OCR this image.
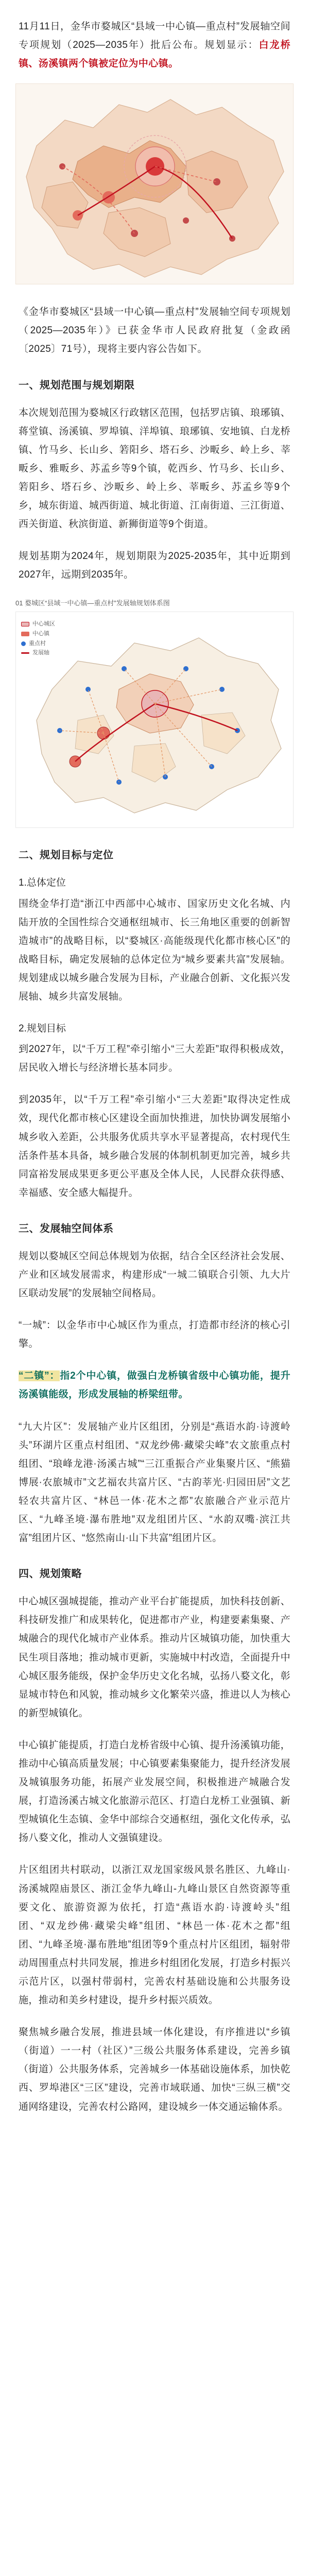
11月11日，金华市婺城区“县域一中心镇—重点村”发展轴空间专项规划（2025—2035年）批后公布。规划显示：白龙桥镇、汤溪镇两个镇被定位为中心镇。

《金华市婺城区“县域一中心镇—重点村”发展轴空间专项规划（2025—2035年）》已获金华市人民政府批复（金政函〔2025〕71号），现将主要内容公告如下。

一、规划范围与规划期限

本次规划范围为婺城区行政辖区范围，包括罗店镇、琅琊镇、蒋堂镇、汤溪镇、罗埠镇、洋埠镇、琅琊镇、安地镇、白龙桥镇、竹马乡、长山乡、箬阳乡、塔石乡、沙畈乡、岭上乡、莘畈乡、雅畈乡、苏孟乡等9个镇，乾西乡、竹马乡、长山乡、箬阳乡、塔石乡、沙畈乡、岭上乡、莘畈乡、苏孟乡等9个乡，城东街道、城西街道、城北街道、江南街道、三江街道、西关街道、秋滨街道、新狮街道等9个街道。

规划基期为2024年，规划期限为2025-2035年，其中近期到2027年，远期到2035年。

01 婺城区“县域一中心镇—重点村”发展轴规划体系图
中心城区
中心镇
重点村
发展轴
二、规划目标与定位
1.总体定位

围绕金华打造“浙江中西部中心城市、国家历史文化名城、内陆开放的全国性综合交通枢纽城市、长三角地区重要的创新智造城市”的战略目标，以“婺城区·高能级现代化都市核心区”的战略目标，确定发展轴的总体定位为“城乡要素共富”发展轴。规划建成以城乡融合发展为目标，产业融合创新、文化振兴发展轴、城乡共富发展轴。

2.规划目标

到2027年，以“千万工程”牵引缩小“三大差距”取得积极成效，居民收入增长与经济增长基本同步。

到2035年，以“千万工程”牵引缩小“三大差距”取得决定性成效，现代化都市核心区建设全面加快推进，加快协调发展缩小城乡收入差距，公共服务优质共享水平显著提高，农村现代生活条件基本具备，城乡融合发展的体制机制更加完善，城乡共同富裕发展成果更多更公平惠及全体人民，人民群众获得感、幸福感、安全感大幅提升。

三、发展轴空间体系

规划以婺城区空间总体规划为依据，结合全区经济社会发展、产业和区域发展需求，构建形成“一城二镇联合引领、九大片区联动发展”的发展轴空间格局。

“一城”：以金华市中心城区作为重点，打造都市经济的核心引擎。

“二镇”：指2个中心镇，做强白龙桥镇省级中心镇功能，提升汤溪镇能级，形成发展轴的桥梁纽带。

“九大片区”：发展轴产业片区组团，分别是“燕语水韵·诗渡岭头”环湖片区重点村组团、“双龙纱佛·藏梁尖峰”农文旅重点村组团、“琅峰龙港·汤溪古城”“三江重振合产业集聚片区、“熊猫博展·农旅城市”文艺福农共富片区、“古韵莘光·归园田居”文艺轻农共富片区、“林邑一体·花木之都”农旅融合产业示范片区、“九峰圣境·瀑布胜地”双龙组团片区、“水韵双嘴·滨江共富”组团片区、“悠然南山·山下共富”组团片区。

四、规划策略

中心城区强城提能，推动产业平台扩能提质，加快科技创新、科技研发推广和成果转化，促进都市产业，构建要素集聚、产城融合的现代化城市产业体系。推动片区城镇功能，加快重大民生项目落地；推动城市更新，实施城中村改造，全面提升中心城区服务能级，保护金华历史文化名城，弘扬八婺文化，彰显城市特色和风貌，推动城乡文化繁荣兴盛，推进以人为核心的新型城镇化。

中心镇扩能提质，打造白龙桥省级中心镇、提升汤溪镇功能，推动中心镇高质量发展；中心镇要素集聚能力，提升经济发展及城镇服务功能，拓展产业发展空间，积极推进产城融合发展，打造汤溪古城文化旅游示范区、打造白龙桥工业强镇、新型城镇化生态镇、金华中部综合交通枢纽，强化文化传承，弘扬八婺文化，推动人文强镇建设。

片区组团共村联动，以浙江双龙国家级风景名胜区、九峰山·汤溪城隍庙景区、浙江金华九峰山-九峰山景区自然资源等重要文化、旅游资源为依托，打造“燕语水韵·诗渡岭头”组团、“双龙纱佛·藏梁尖峰”组团、“林邑一体·花木之都”组团、“九峰圣境·瀑布胜地”组团等9个重点村片区组团，辐射带动周围重点村共同发展，推进乡村组团化发展，打造乡村振兴示范片区，以强村带弱村，完善农村基础设施和公共服务设施，推动和美乡村建设，提升乡村振兴质效。

聚焦城乡融合发展，推进县域一体化建设，有序推进以“乡镇（街道）一一村（社区）”三级公共服务体系建设，完善乡镇（街道）公共服务体系，完善城乡一体基础设施体系，加快乾西、罗埠港区“三区”建设，完善市域联通、加快“三纵三横”交通网络建设，完善农村公路网，建设城乡一体交通运输体系。
